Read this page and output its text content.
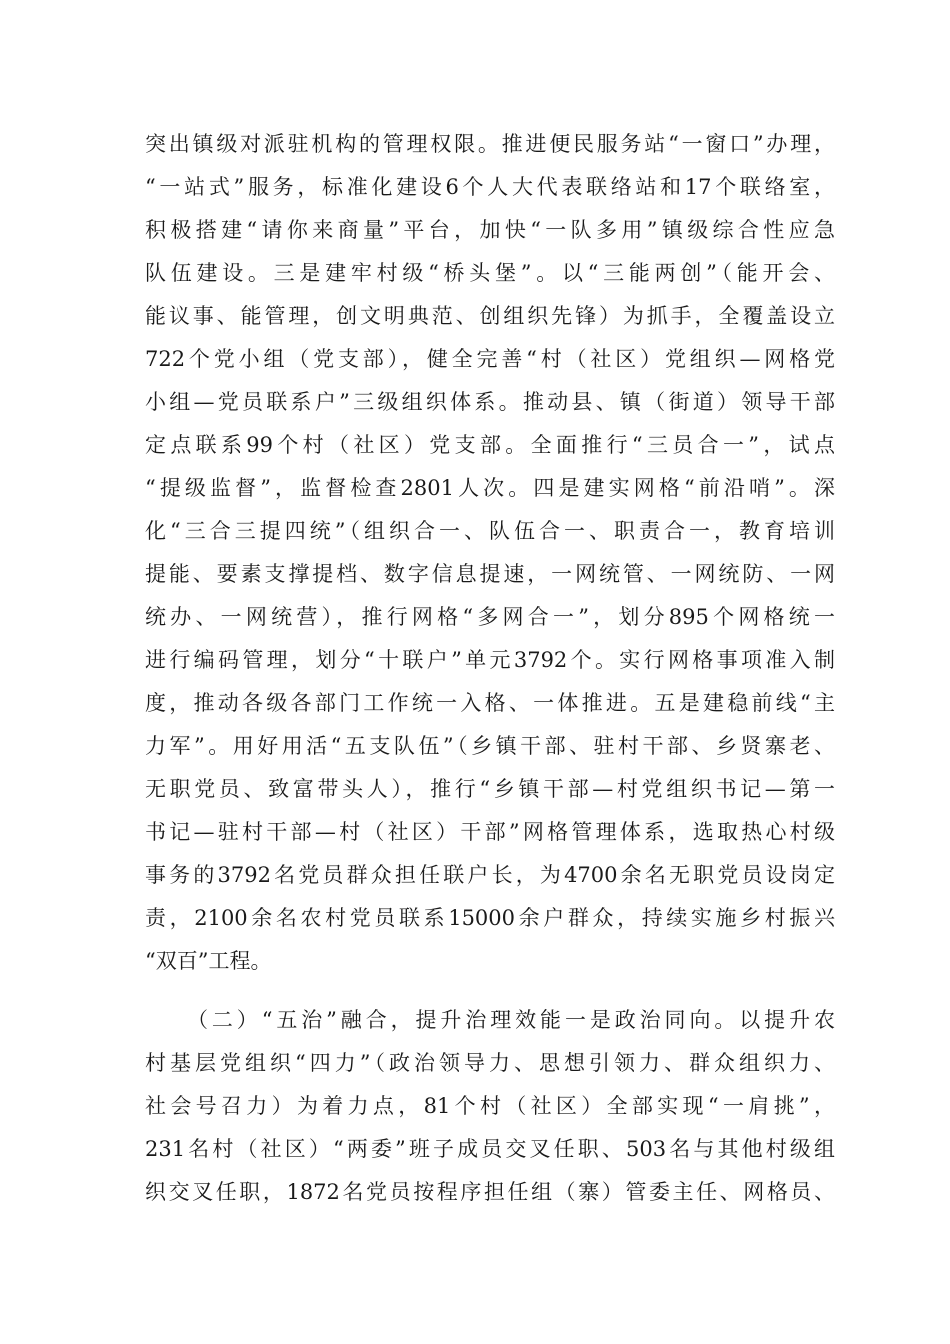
突出镇级对派驻机构的管理权限。推进便民服务站“一窗口”办理，
“一站式”服务，标准化建设6个人大代表联络站和17个联络室，
积极搭建“请你来商量”平台，加快“一队多用”镇级综合性应急
队伍建设。三是建牢村级“桥头堡”。以“三能两创”（能开会、
能议事、能管理，创文明典范、创组织先锋）为抓手，全覆盖设立
722个党小组（党支部），健全完善“村（社区）党组织—网格党
小组—党员联系户”三级组织体系。推动县、镇（街道）领导干部
定点联系99个村（社区）党支部。全面推行“三员合一”，试点
“提级监督”，监督检查2801人次。四是建实网格“前沿哨”。深
化“三合三提四统”（组织合一、队伍合一、职责合一，教育培训
提能、要素支撑提档、数字信息提速，一网统管、一网统防、一网
统办、一网统营），推行网格“多网合一”，划分895个网格统一
进行编码管理，划分“十联户”单元3792个。实行网格事项准入制
度，推动各级各部门工作统一入格、一体推进。五是建稳前线“主
力军”。用好用活“五支队伍”（乡镇干部、驻村干部、乡贤寨老、
无职党员、致富带头人），推行“乡镇干部—村党组织书记—第一
书记—驻村干部—村（社区）干部”网格管理体系，选取热心村级
事务的3792名党员群众担任联户长，为4700余名无职党员设岗定
责，2100余名农村党员联系15000余户群众，持续实施乡村振兴
“双百”工程。
（二）“五治”融合，提升治理效能一是政治同向。以提升农
村基层党组织“四力”（政治领导力、思想引领力、群众组织力、
社会号召力）为着力点，81个村（社区）全部实现“一肩挑”，
231名村（社区）“两委”班子成员交叉任职、503名与其他村级组
织交叉任职，1872名党员按程序担任组（寨）管委主任、网格员、
